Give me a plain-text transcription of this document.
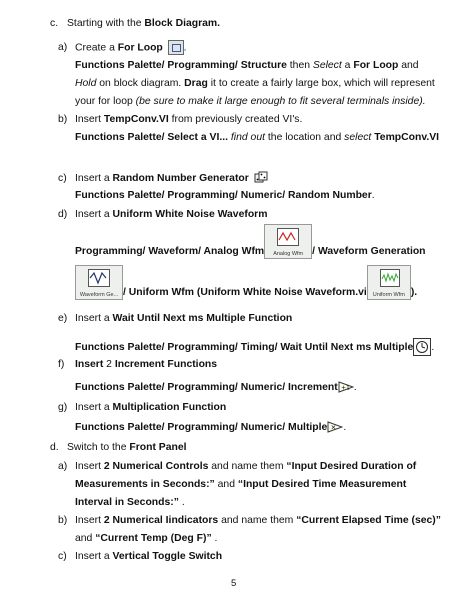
c. Starting with the Block Diagram.
a) Create a For Loop .
Functions Palette/ Programming/ Structure then Select a For Loop and
Hold on block diagram. Drag it to create a fairly large box, which will represent
your for loop (be sure to make it large enough to fit several terminals inside).
b) Insert TempConv.VI from previously created VI's.
Functions Palette/ Select a VI... find out the location and select TempConv.VI
c) Insert a Random Number Generator
Functions Palette/ Programming/ Numeric/ Random Number.
d) Insert a Uniform White Noise Waveform
Programming/ Waveform/ Analog Wfm	Analog Wfm / Waveform Generation
Waveform Ge... / Uniform Wfm (Uniform White Noise Waveform.vi	Uniform Wfm ).
e) Insert a Wait Until Next ms Multiple Function
Functions Palette/ Programming/ Timing/ Wait Until Next ms Multiple .
f) Insert 2 Increment Functions
Functions Palette/ Programming/ Numeric/ Increment +1 .
g) Insert a Multiplication Function
Functions Palette/ Programming/ Numeric/ Multiple × .
d. Switch to the Front Panel
a) Insert 2 Numerical Controls and name them “Input Desired Duration of
Measurements in Seconds:” and “Input Desired Time Measurement
Interval in Seconds:” .
b) Insert 2 Numerical Iindicators and name them “Current Elapsed Time (sec)”
and “Current Temp (Deg F)” .
c) Insert a Vertical Toggle Switch
5
